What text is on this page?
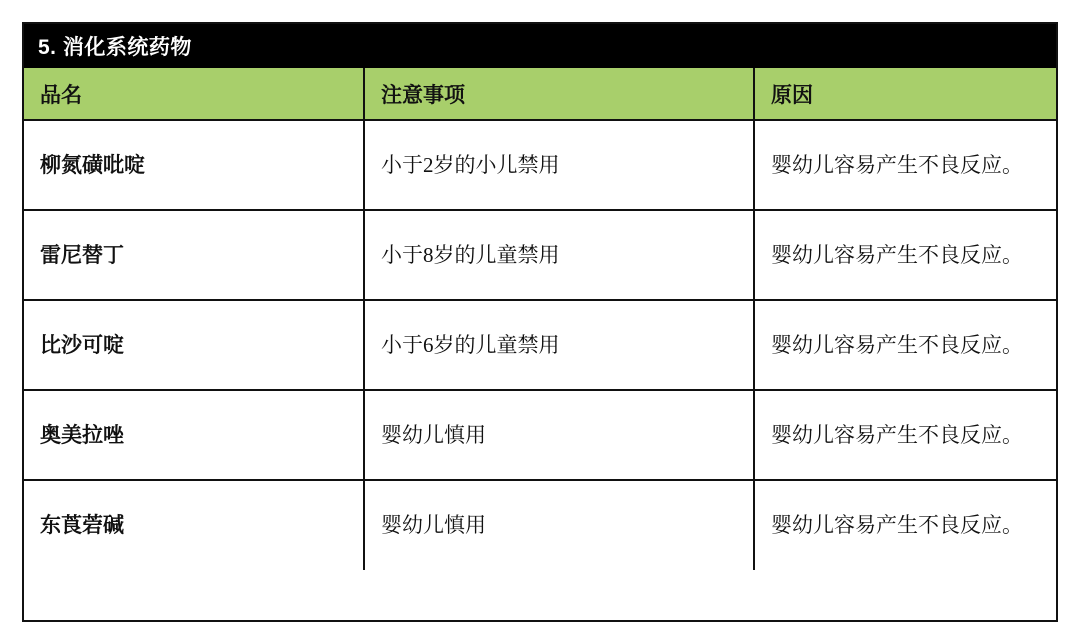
5. 消化系统药物
品名	注意事项	原因
柳氮磺吡啶	小于2岁的小儿禁用	婴幼儿容易产生不良反应。
雷尼替丁	小于8岁的儿童禁用	婴幼儿容易产生不良反应。
比沙可啶	小于6岁的儿童禁用	婴幼儿容易产生不良反应。
奥美拉唑	婴幼儿慎用	婴幼儿容易产生不良反应。
东莨菪碱	婴幼儿慎用	婴幼儿容易产生不良反应。
